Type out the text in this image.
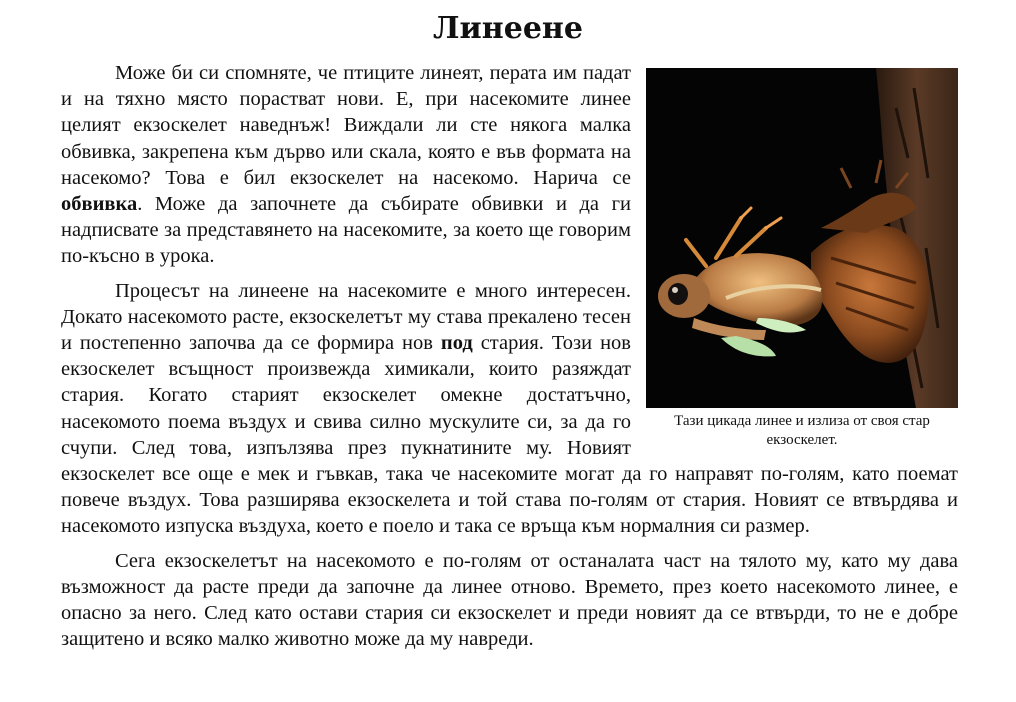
Линеене

Тази цикада линее и излиза от своя стар екзоскелет.

Може би си спомняте, че птиците линеят, перата им падат и на тяхно място порастват нови. Е, при насекомите линее целият екзоскелет наведнъж! Виждали ли сте някога малка обвивка, закрепена към дърво или скала, която е във формата на насекомо? Това е бил екзоскелет на насекомо. Нарича се обвивка. Може да започнете да събирате обвивки и да ги надписвате за представянето на насекомите, за което ще говорим по-късно в урока.

Процесът на линеене на насекомите е много интересен. Докато насекомото расте, екзоскелетът му става прекалено тесен и постепенно започва да се формира нов под стария. Този нов екзоскелет всъщност произвежда химикали, които разяждат стария. Когато старият екзоскелет омекне достатъчно, насекомото поема въздух и свива силно мускулите си, за да го счупи. След това, изпълзява през пукнатините му. Новият екзоскелет все още е мек и гъвкав, така че насекомите могат да го направят по-голям, като поемат повече въздух. Това разширява екзоскелета и той става по-голям от стария. Новият се втвърдява и насекомото изпуска въздуха, което е поело и така се връща към нормалния си размер.

Сега екзоскелетът на насекомото е по-голям от останалата част на тялото му, като му дава възможност да расте преди да започне да линее отново. Времето, през което насекомото линее, е опасно за него. След като остави стария си екзоскелет и преди новият да се втвърди, то не е добре защитено и всяко малко животно може да му навреди.
